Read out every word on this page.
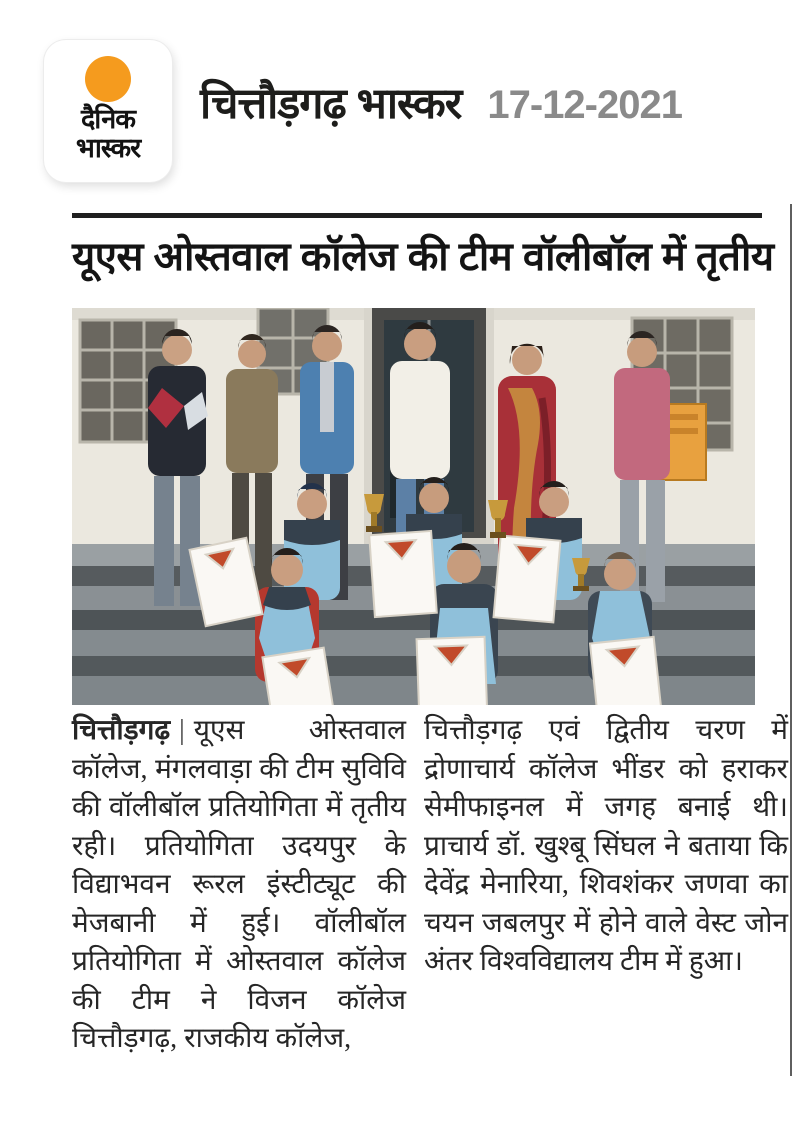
दैनिक
भास्कर
चित्तौड़गढ़ भास्कर 17-12-2021
यूएस ओस्तवाल कॉलेज की टीम वॉलीबॉल में तृतीय

चित्तौड़गढ़ | यूएस ओस्तवाल कॉलेज, मंगलवाड़ा की टीम सुविवि की वॉलीबॉल प्रतियोगिता में तृतीय रही। प्रतियोगिता उदयपुर के विद्याभवन रूरल इंस्टीट्यूट की मेजबानी में हुई। वॉलीबॉल प्रतियोगिता में ओस्तवाल कॉलेज की टीम ने विजन कॉलेज चित्तौड़गढ़, राजकीय कॉलेज,

चित्तौड़गढ़ एवं द्वितीय चरण में द्रोणाचार्य कॉलेज भींडर को हराकर सेमीफाइनल में जगह बनाई थी। प्राचार्य डॉ. खुश्बू सिंघल ने बताया कि देवेंद्र मेनारिया, शिवशंकर जणवा का चयन जबलपुर में होने वाले वेस्ट जोन अंतर विश्वविद्यालय टीम में हुआ।
